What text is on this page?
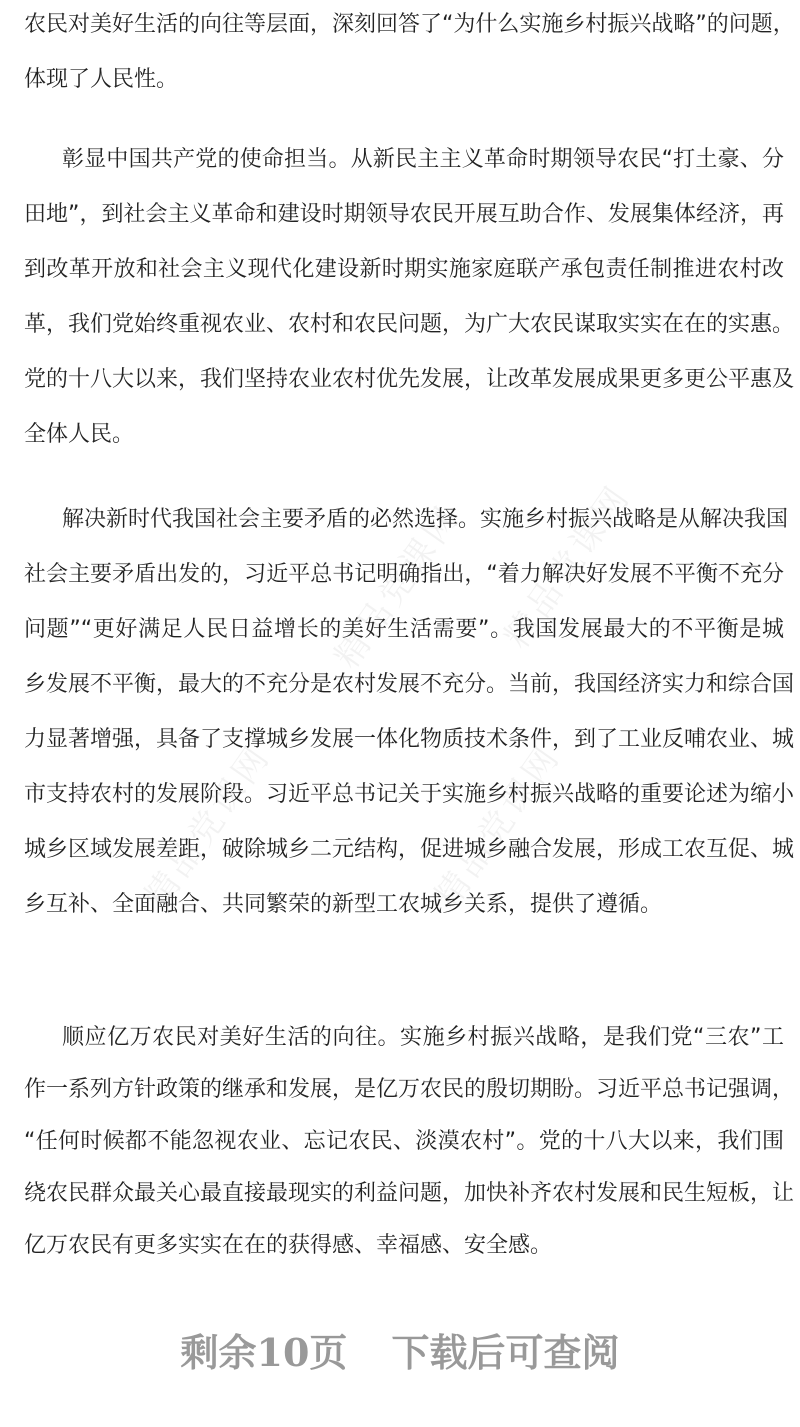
精品党课网 精品党课网
精品党课网	精品党课网
农民对美好生活的向往等层面，深刻回答了“为什么实施乡村振兴战略”的问题，
体现了人民性。
彰显中国共产党的使命担当。从新民主主义革命时期领导农民“打土豪、分
田地”，到社会主义革命和建设时期领导农民开展互助合作、发展集体经济，再
到改革开放和社会主义现代化建设新时期实施家庭联产承包责任制推进农村改
革，我们党始终重视农业、农村和农民问题，为广大农民谋取实实在在的实惠。
党的十八大以来，我们坚持农业农村优先发展，让改革发展成果更多更公平惠及
全体人民。
解决新时代我国社会主要矛盾的必然选择。实施乡村振兴战略是从解决我国
社会主要矛盾出发的，习近平总书记明确指出，“着力解决好发展不平衡不充分
问题”“更好满足人民日益增长的美好生活需要”。我国发展最大的不平衡是城
乡发展不平衡，最大的不充分是农村发展不充分。当前，我国经济实力和综合国
力显著增强，具备了支撑城乡发展一体化物质技术条件，到了工业反哺农业、城
市支持农村的发展阶段。习近平总书记关于实施乡村振兴战略的重要论述为缩小
城乡区域发展差距，破除城乡二元结构，促进城乡融合发展，形成工农互促、城
乡互补、全面融合、共同繁荣的新型工农城乡关系，提供了遵循。
顺应亿万农民对美好生活的向往。实施乡村振兴战略，是我们党“三农”工
作一系列方针政策的继承和发展，是亿万农民的殷切期盼。习近平总书记强调，
“任何时候都不能忽视农业、忘记农民、淡漠农村”。党的十八大以来，我们围
绕农民群众最关心最直接最现实的利益问题，加快补齐农村发展和民生短板，让
亿万农民有更多实实在在的获得感、幸福感、安全感。
剩余10页 下载后可查阅
